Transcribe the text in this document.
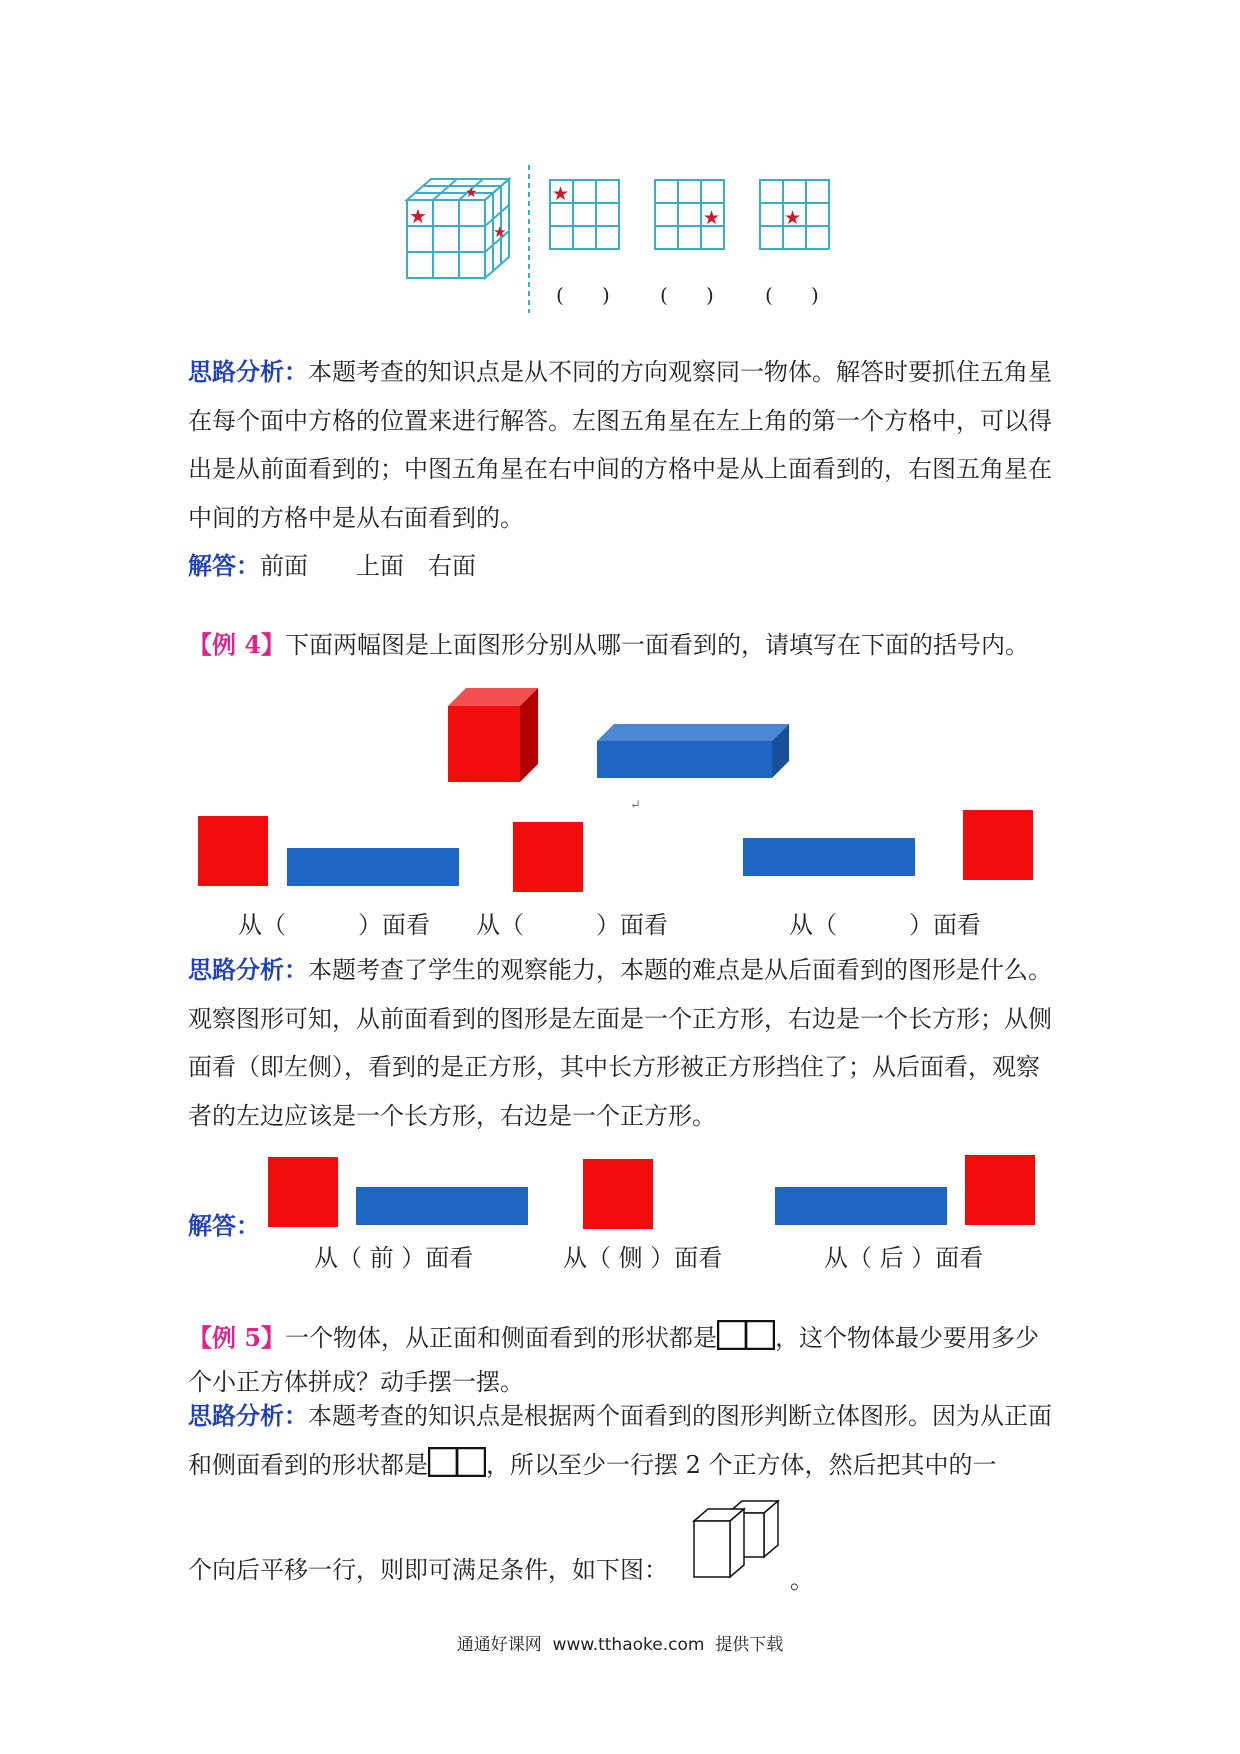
★
★
★
★
★	★
(      )	(      )	(      )
思路分析：本题考查的知识点是从不同的方向观察同一物体。解答时要抓住五角星在每个面中方格的位置来进行解答。左图五角星在左上角的第一个方格中，可以得出是从前面看到的；中图五角星在右中间的方格中是从上面看到的，右图五角星在中间的方格中是从右面看到的。
解答：前面　　上面　右面
【例 4】下面两幅图是上面图形分别从哪一面看到的，请填写在下面的括号内。
↵
从（　　　）面看 从（　　　）面看	从（　　　）面看
思路分析：本题考查了学生的观察能力，本题的难点是从后面看到的图形是什么。观察图形可知，从前面看到的图形是左面是一个正方形，右边是一个长方形；从侧面看（即左侧），看到的是正方形，其中长方形被正方形挡住了；从后面看，观察者的左边应该是一个长方形，右边是一个正方形。
解答：
从（ 前 ）面看	从（ 侧 ）面看	从（ 后 ）面看
【例 5】一个物体，从正面和侧面看到的形状都是 ，这个物体最少要用多少个小正方体拼成？动手摆一摆。
思路分析：本题考查的知识点是根据两个面看到的图形判断立体图形。因为从正面和侧面看到的形状都是 ，所以至少一行摆 2 个正方体，然后把其中的一
个向后平移一行，则即可满足条件，如下图：	。
通通好课网  www.tthaoke.com  提供下载
